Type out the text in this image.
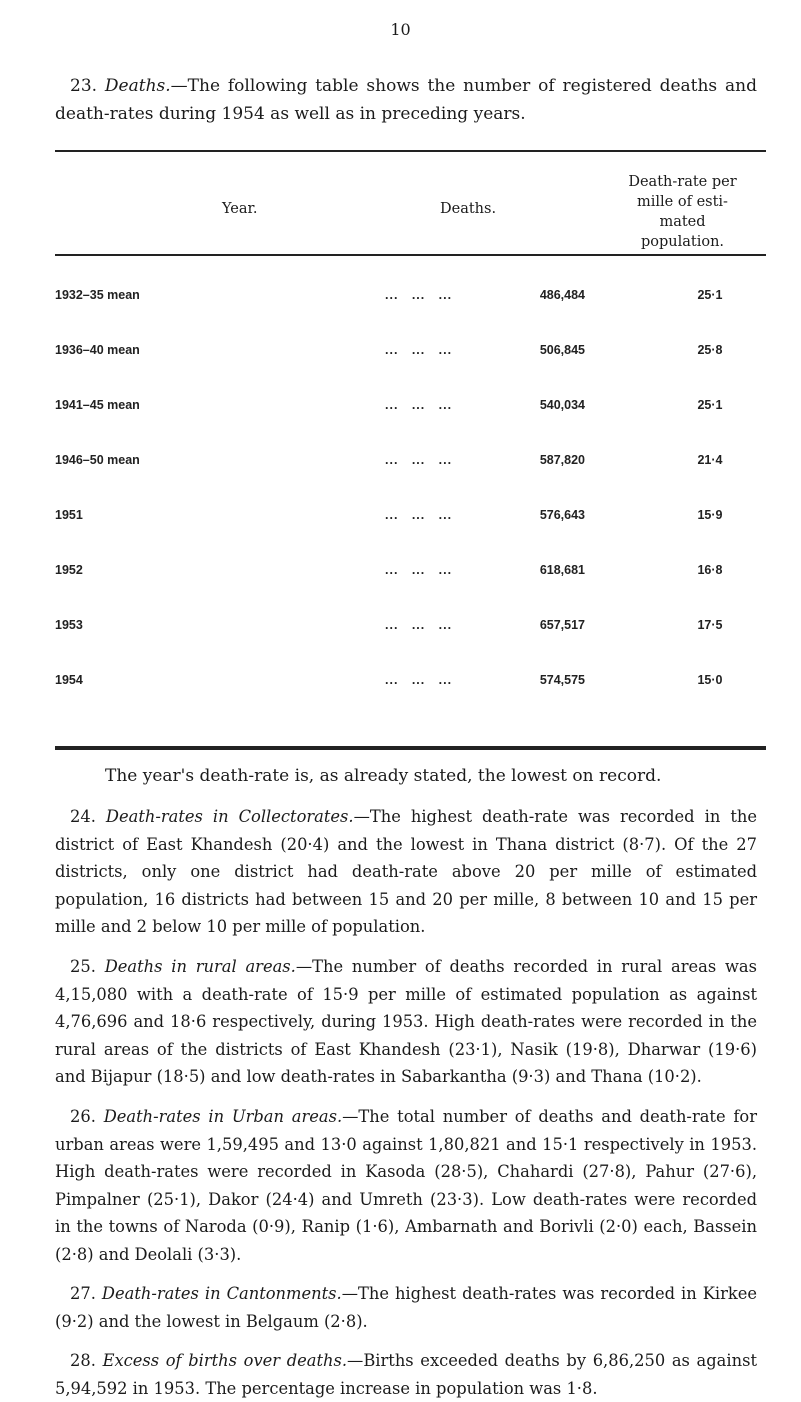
10

23. Deaths.—The following table shows the number of registered deaths and death-rates during 1954 as well as in preceding years.

Year.	Deaths.
Death-rate per
mille of esti-
mated
population.
1932–35 mean	...   ...   ...	486,484	25·1
1936–40 mean	...   ...   ...	506,845	25·8
1941–45 mean	...   ...   ...	540,034	25·1
1946–50 mean	...   ...   ...	587,820	21·4
1951	...   ...   ...	576,643	15·9
1952	...   ...   ...	618,681	16·8
1953	...   ...   ...	657,517	17·5
1954	...   ...   ...	574,575	15·0

The year's death-rate is, as already stated, the lowest on record.

24. Death-rates in Collectorates.—The highest death-rate was recorded in the district of East Khandesh (20·4) and the lowest in Thana district (8·7). Of the 27 districts, only one district had death-rate above 20 per mille of estimated population, 16 districts had between 15 and 20 per mille, 8 between 10 and 15 per mille and 2 below 10 per mille of population.

25. Deaths in rural areas.—The number of deaths recorded in rural areas was 4,15,080 with a death-rate of 15·9 per mille of estimated population as against 4,76,696 and 18·6 respectively, during 1953. High death-rates were recorded in the rural areas of the districts of East Khandesh (23·1), Nasik (19·8), Dharwar (19·6) and Bijapur (18·5) and low death-rates in Sabarkantha (9·3) and Thana (10·2).

26. Death-rates in Urban areas.—The total number of deaths and death-rate for urban areas were 1,59,495 and 13·0 against 1,80,821 and 15·1 respectively in 1953. High death-rates were recorded in Kasoda (28·5), Chahardi (27·8), Pahur (27·6), Pimpalner (25·1), Dakor (24·4) and Umreth (23·3). Low death-rates were recorded in the towns of Naroda (0·9), Ranip (1·6), Ambarnath and Borivli (2·0) each, Bassein (2·8) and Deolali (3·3).

27. Death-rates in Cantonments.—The highest death-rates was recorded in Kirkee (9·2) and the lowest in Belgaum (2·8).

28. Excess of births over deaths.—Births exceeded deaths by 6,86,250 as against 5,94,592 in 1953. The percentage increase in population was 1·8.
